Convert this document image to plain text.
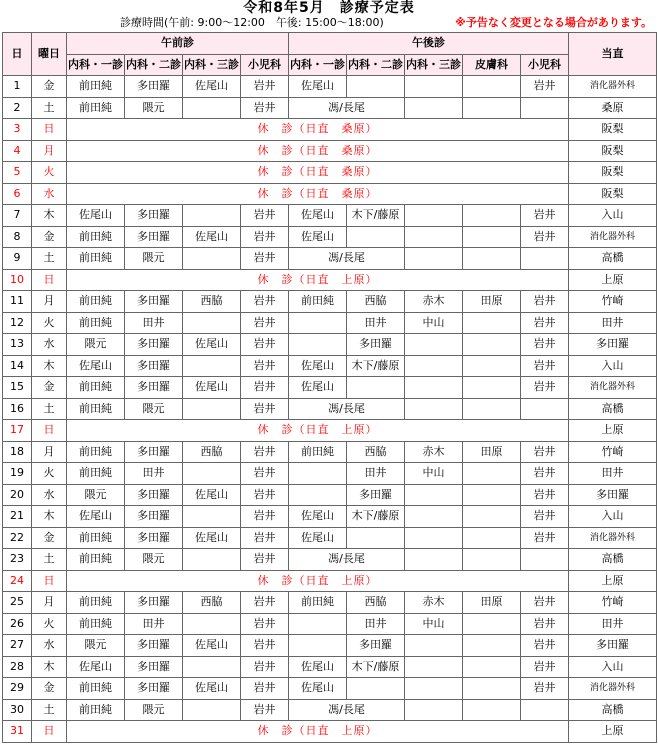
令和8年5月　診療予定表
診療時間(午前: 9:00～12:00　午後: 15:00～18:00)	※予告なく変更となる場合があります。
日	曜日	午前診				午後診					当直
		内科・一診	内科・二診	内科・三診	小児科	内科・一診	内科・二診	内科・三診	皮膚科	小児科	
1	金	前田純	多田羅	佐尾山	岩井	佐尾山				岩井	消化器外科
2	土	前田純	隈元		岩井	馮/長尾					桑原
3	日	休　診（日直　桑原）									阪梨
4	月	休　診（日直　桑原）									阪梨
5	火	休　診（日直　桑原）									阪梨
6	水	休　診（日直　桑原）									阪梨
7	木	佐尾山	多田羅		岩井	佐尾山	木下/藤原			岩井	入山
8	金	前田純	多田羅	佐尾山	岩井	佐尾山				岩井	消化器外科
9	土	前田純	隈元		岩井	馮/長尾					高橋
10	日	休　診（日直　上原）									上原
11	月	前田純	多田羅	西脇	岩井	前田純	西脇	赤木	田原	岩井	竹崎
12	火	前田純	田井		岩井		田井	中山		岩井	田井
13	水	隈元	多田羅	佐尾山	岩井		多田羅			岩井	多田羅
14	木	佐尾山	多田羅		岩井	佐尾山	木下/藤原			岩井	入山
15	金	前田純	多田羅	佐尾山	岩井	佐尾山				岩井	消化器外科
16	土	前田純	隈元		岩井	馮/長尾					高橋
17	日	休　診（日直　上原）									上原
18	月	前田純	多田羅	西脇	岩井	前田純	西脇	赤木	田原	岩井	竹崎
19	火	前田純	田井		岩井		田井	中山		岩井	田井
20	水	隈元	多田羅	佐尾山	岩井		多田羅			岩井	多田羅
21	木	佐尾山	多田羅		岩井	佐尾山	木下/藤原			岩井	入山
22	金	前田純	多田羅	佐尾山	岩井	佐尾山				岩井	消化器外科
23	土	前田純	隈元		岩井	馮/長尾					高橋
24	日	休　診（日直　上原）									上原
25	月	前田純	多田羅	西脇	岩井	前田純	西脇	赤木	田原	岩井	竹崎
26	火	前田純	田井		岩井		田井	中山		岩井	田井
27	水	隈元	多田羅	佐尾山	岩井		多田羅			岩井	多田羅
28	木	佐尾山	多田羅		岩井	佐尾山	木下/藤原			岩井	入山
29	金	前田純	多田羅	佐尾山	岩井	佐尾山				岩井	消化器外科
30	土	前田純	隈元		岩井	馮/長尾					高橋
31	日	休　診（日直　上原）									上原
